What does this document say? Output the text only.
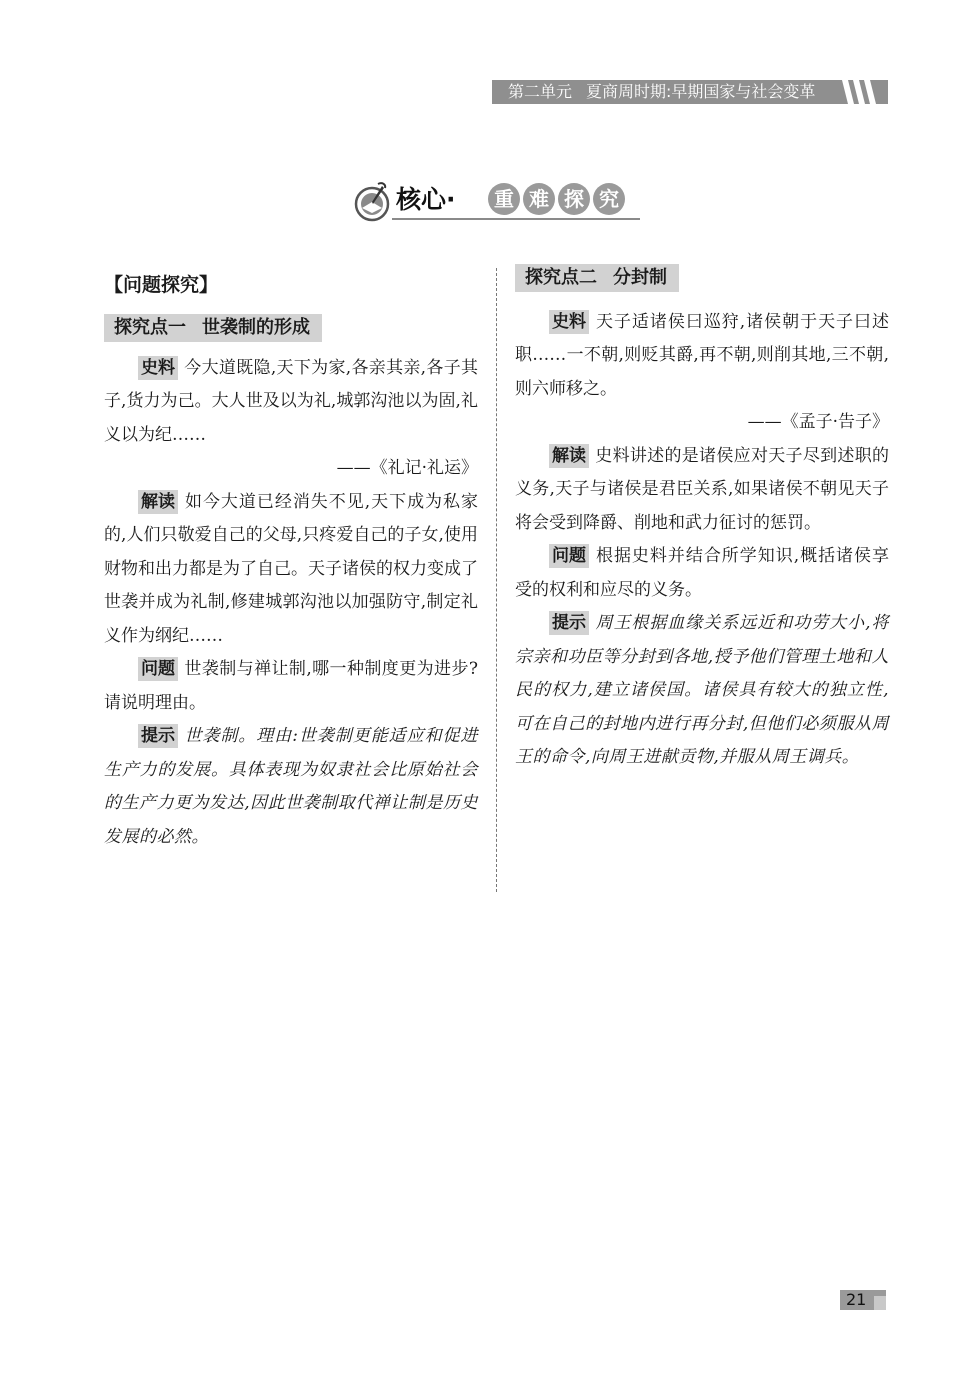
第二单元 夏商周时期:早期国家与社会变革
核心·	重 难 探 究
【问题探究】
探究点一 世袭制的形成

史料 今大道既隐,天下为家,各亲其亲,各子其子,货力为己。大人世及以为礼,城郭沟池以为固,礼义以为纪……

——《礼记·礼运》

解读 如今大道已经消失不见,天下成为私家的,人们只敬爱自己的父母,只疼爱自己的子女,使用财物和出力都是为了自己。天子诸侯的权力变成了世袭并成为礼制,修建城郭沟池以加强防守,制定礼义作为纲纪……

问题 世袭制与禅让制,哪一种制度更为进步?请说明理由。

提示 世袭制。理由:世袭制更能适应和促进生产力的发展。具体表现为奴隶社会比原始社会的生产力更为发达,因此世袭制取代禅让制是历史发展的必然。

探究点二 分封制

史料 天子适诸侯曰巡狩,诸侯朝于天子曰述职……一不朝,则贬其爵,再不朝,则削其地,三不朝,则六师移之。

——《孟子·告子》

解读 史料讲述的是诸侯应对天子尽到述职的义务,天子与诸侯是君臣关系,如果诸侯不朝见天子将会受到降爵、削地和武力征讨的惩罚。

问题 根据史料并结合所学知识,概括诸侯享受的权利和应尽的义务。

提示 周王根据血缘关系远近和功劳大小,将宗亲和功臣等分封到各地,授予他们管理土地和人民的权力,建立诸侯国。诸侯具有较大的独立性,可在自己的封地内进行再分封,但他们必须服从周王的命令,向周王进献贡物,并服从周王调兵。

21
